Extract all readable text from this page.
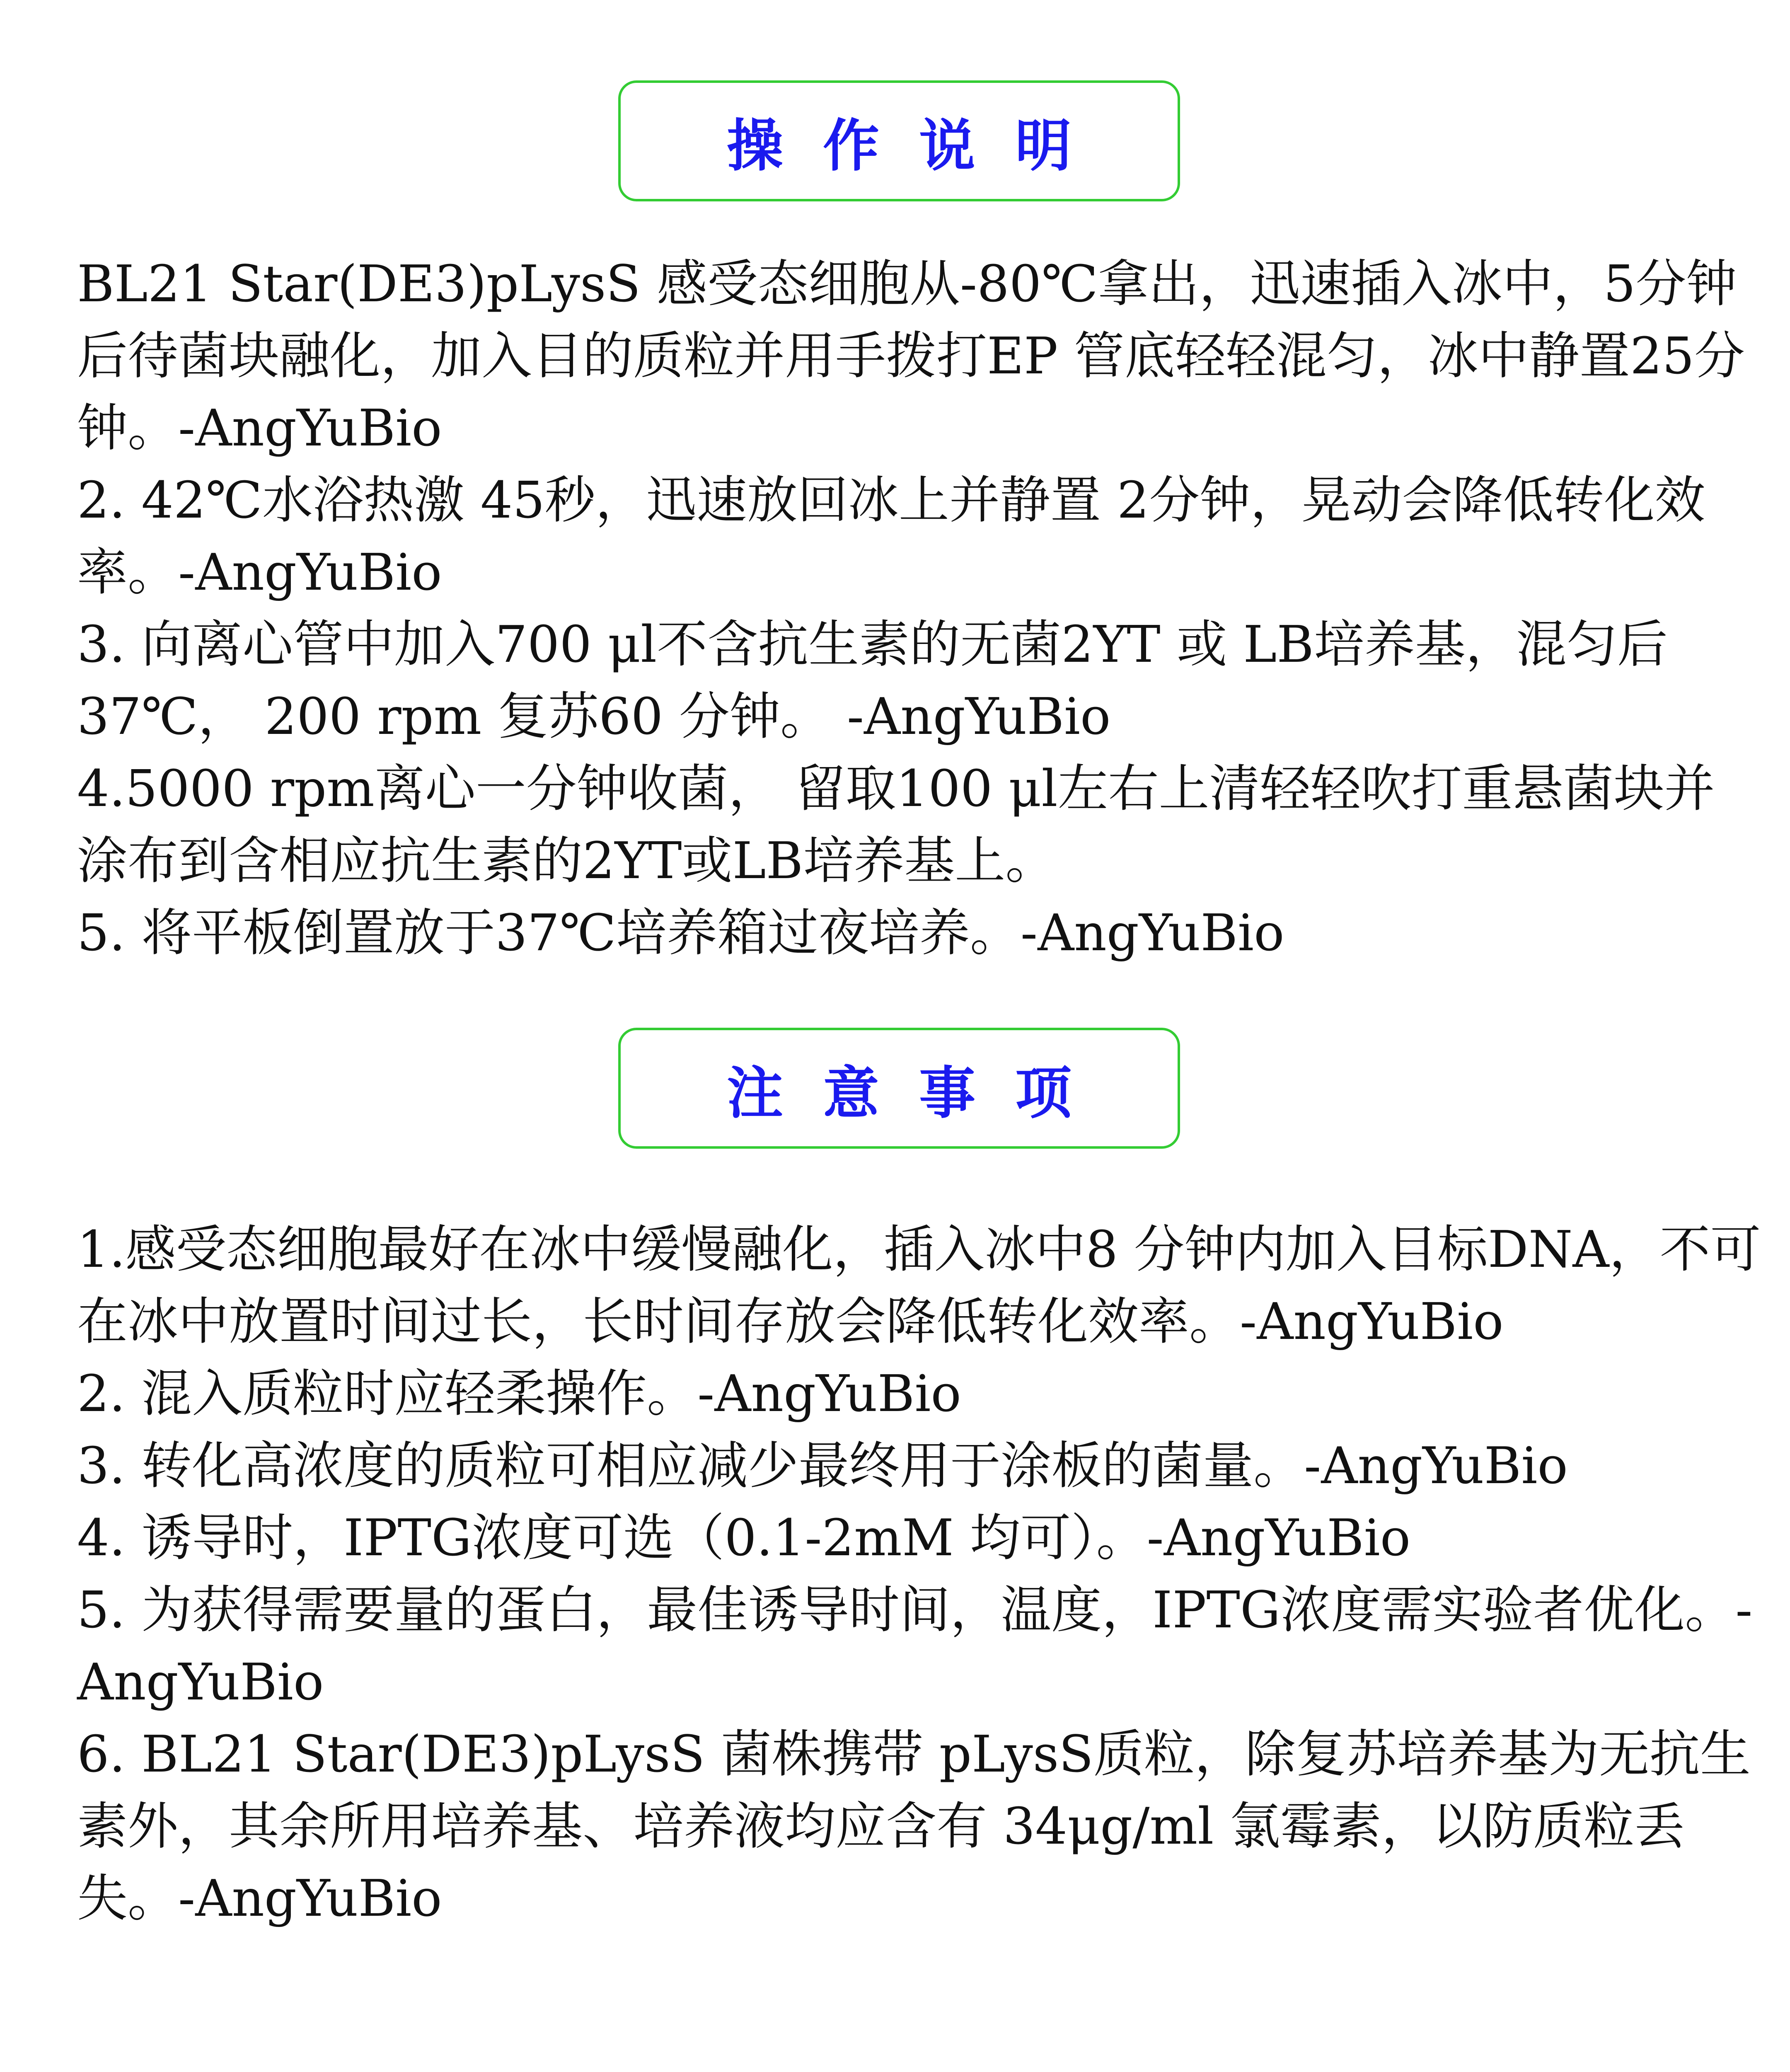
操作说明

BL21 Star(DE3)pLysS 感受态细胞从-80℃拿出，迅速插入冰中，5分钟后待菌块融化，加入目的质粒并用手拨打EP 管底轻轻混匀，冰中静置25分钟。-AngYuBio

2. 42℃水浴热激 45秒，迅速放回冰上并静置 2分钟，晃动会降低转化效率。-AngYuBio

3. 向离心管中加入700 μl不含抗生素的无菌2YT 或 LB培养基，混匀后37℃， 200 rpm 复苏60 分钟。 -AngYuBio

4.5000 rpm离心一分钟收菌， 留取100 μl左右上清轻轻吹打重悬菌块并涂布到含相应抗生素的2YT或LB培养基上。

5. 将平板倒置放于37℃培养箱过夜培养。-AngYuBio

注意事项

1.感受态细胞最好在冰中缓慢融化，插入冰中8 分钟内加入目标DNA，不可在冰中放置时间过长，长时间存放会降低转化效率。-AngYuBio

2. 混入质粒时应轻柔操作。-AngYuBio

3. 转化高浓度的质粒可相应减少最终用于涂板的菌量。-AngYuBio

4. 诱导时，IPTG浓度可选（0.1-2mM 均可）。-AngYuBio

5. 为获得需要量的蛋白，最佳诱导时间，温度，IPTG浓度需实验者优化。-AngYuBio

6. BL21 Star(DE3)pLysS 菌株携带 pLysS质粒，除复苏培养基为无抗生素外，其余所用培养基、培养液均应含有 34μg/ml 氯霉素，以防质粒丢失。-AngYuBio
